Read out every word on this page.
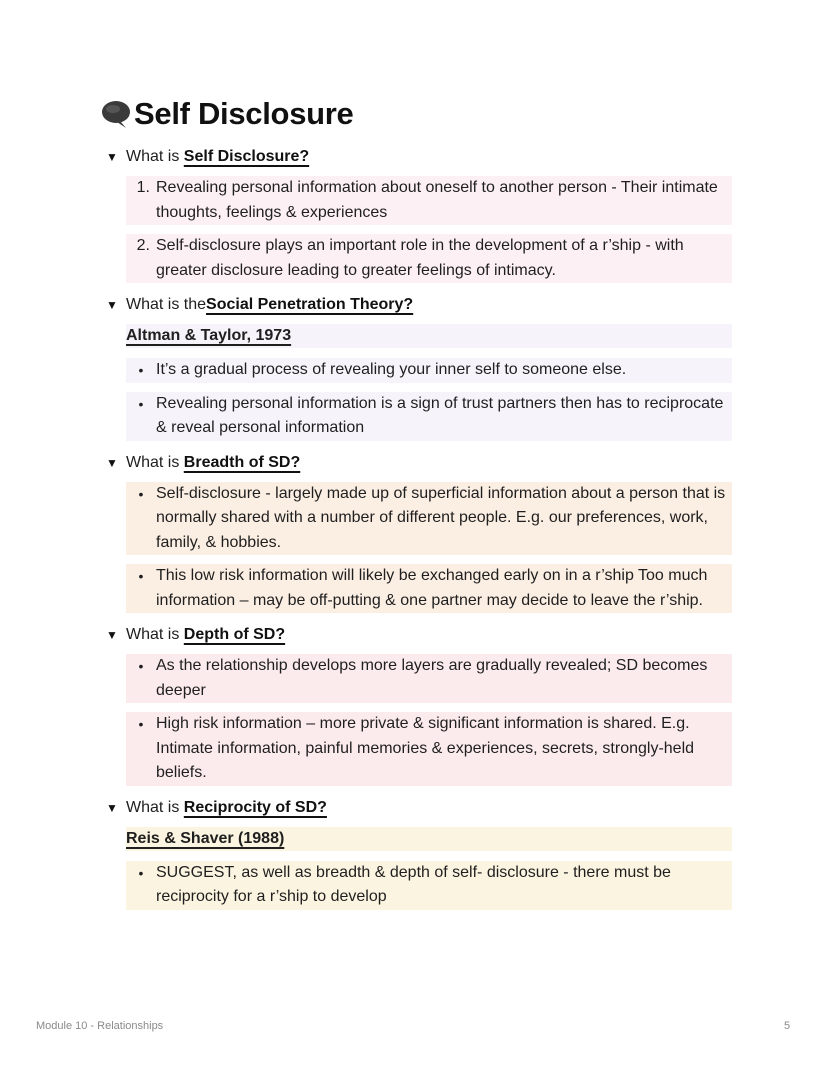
Self Disclosure
▼ What is Self Disclosure?
1. Revealing personal information about oneself to another person - Their intimate thoughts, feelings & experiences
2. Self-disclosure plays an important role in the development of a r’ship - with greater disclosure leading to greater feelings of intimacy.
▼ What is the Social Penetration Theory?
Altman & Taylor, 1973
• It’s a gradual process of revealing your inner self to someone else.
• Revealing personal information is a sign of trust partners then has to reciprocate & reveal personal information
▼ What is Breadth of SD?
• Self-disclosure - largely made up of superficial information about a person that is normally shared with a number of different people. E.g. our preferences, work, family, & hobbies.
• This low risk information will likely be exchanged early on in a r’ship Too much information – may be off-putting & one partner may decide to leave the r’ship.
▼ What is Depth of SD?
• As the relationship develops more layers are gradually revealed; SD becomes deeper
• High risk information – more private & significant information is shared. E.g. Intimate information, painful memories & experiences, secrets, strongly-held beliefs.
▼ What is Reciprocity of SD?
Reis & Shaver (1988)
• SUGGEST, as well as breadth & depth of self- disclosure - there must be reciprocity for a r’ship to develop
Module 10 - Relationships	5
